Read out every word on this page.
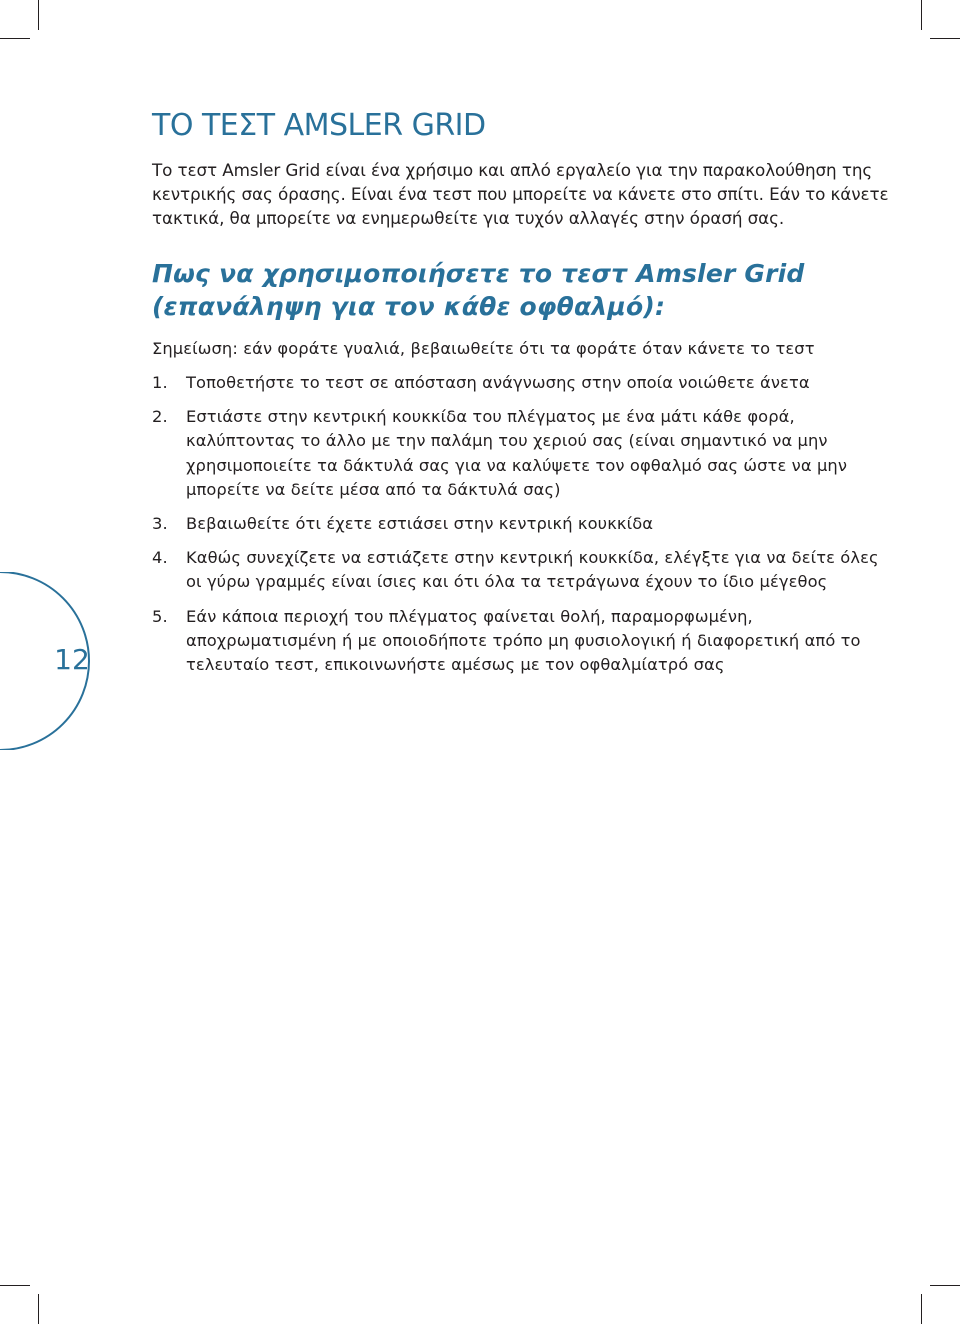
12
ΤΟ ΤΕΣΤ AMSLER GRID

Το τεστ Amsler Grid είναι ένα χρήσιμο και απλό εργαλείο για την παρακολούθηση της κεντρικής σας όρασης. Είναι ένα τεστ που μπορείτε να κάνετε στο σπίτι. Εάν το κάνετε τακτικά, θα μπορείτε να ενημερωθείτε για τυχόν αλλαγές στην όρασή σας.

Πως να χρησιμοποιήσετε το τεστ Amsler Grid
(επανάληψη για τον κάθε οφθαλμό):

Σημείωση: εάν φοράτε γυαλιά, βεβαιωθείτε ότι τα φοράτε όταν κάνετε το τεστ

1. Τοποθετήστε το τεστ σε απόσταση ανάγνωσης στην οποία νοιώθετε άνετα
2. Εστιάστε στην κεντρική κουκκίδα του πλέγματος με ένα μάτι κάθε φορά, καλύπτοντας το άλλο με την παλάμη του χεριού σας (είναι σημαντικό να μην χρησιμοποιείτε τα δάκτυλά σας για να καλύψετε τον οφθαλμό σας ώστε να μην μπορείτε να δείτε μέσα από τα δάκτυλά σας)
3. Βεβαιωθείτε ότι έχετε εστιάσει στην κεντρική κουκκίδα
4. Καθώς συνεχίζετε να εστιάζετε στην κεντρική κουκκίδα, ελέγξτε για να δείτε όλες οι γύρω γραμμές είναι ίσιες και ότι όλα τα τετράγωνα έχουν το ίδιο μέγεθος
5. Εάν κάποια περιοχή του πλέγματος φαίνεται θολή, παραμορφωμένη, αποχρωματισμένη ή με οποιοδήποτε τρόπο μη φυσιολογική ή διαφορετική από το τελευταίο τεστ, επικοινωνήστε αμέσως με τον οφθαλμίατρό σας
